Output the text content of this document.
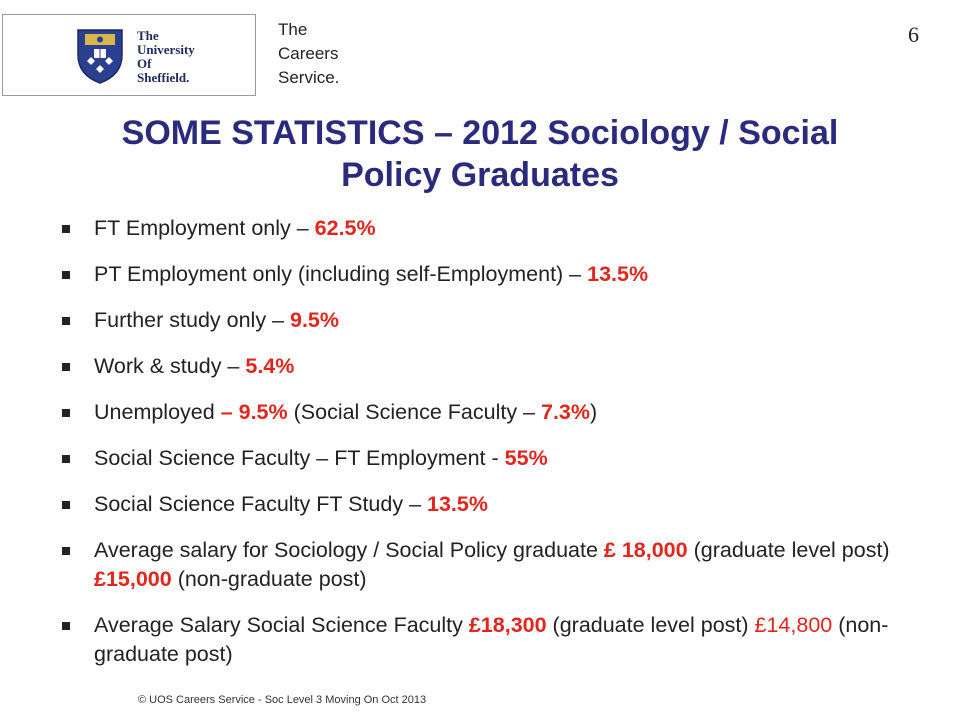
The
University
Of
Sheffield.
The
Careers
Service.
6
SOME STATISTICS – 2012 Sociology / Social
Policy Graduates
FT Employment only – 62.5%
PT Employment only (including self-Employment) – 13.5%
Further study only – 9.5%
Work & study – 5.4%
Unemployed – 9.5% (Social Science Faculty – 7.3%)
Social Science Faculty – FT Employment - 55%
Social Science Faculty FT Study – 13.5%
Average salary for Sociology / Social Policy graduate £ 18,000 (graduate level post) £15,000 (non-graduate post)
Average Salary Social Science Faculty £18,300 (graduate level post) £14,800 (non-graduate post)
© UOS Careers Service - Soc Level 3 Moving On Oct 2013
